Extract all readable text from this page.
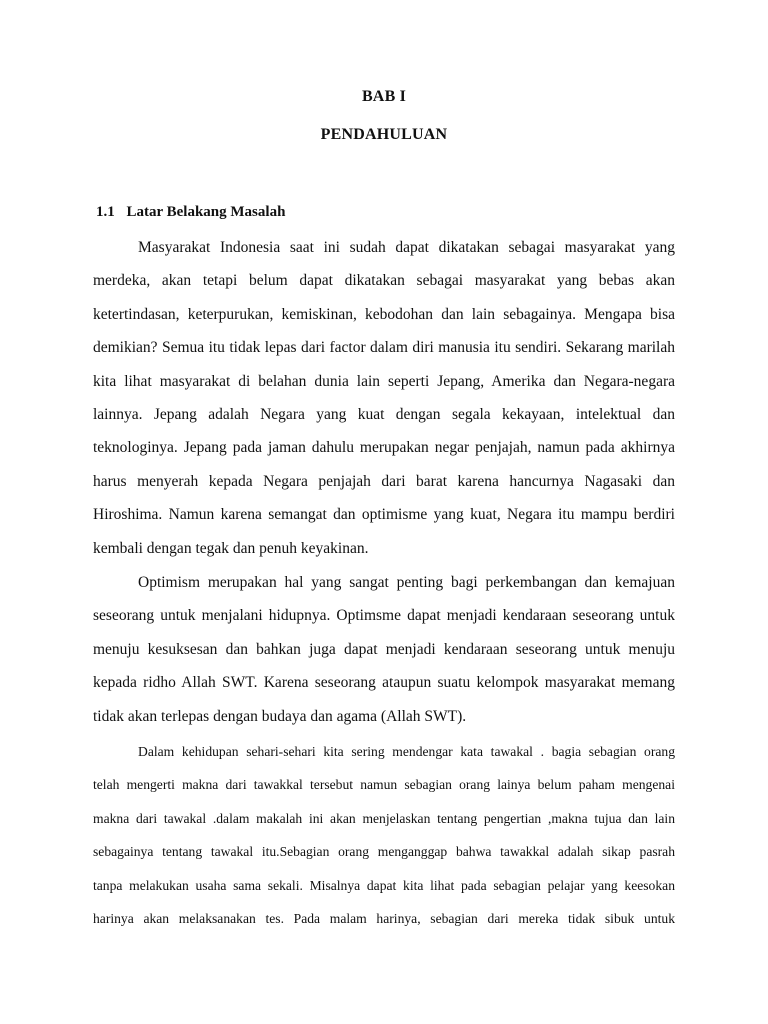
BAB I
PENDAHULUAN
1.1 Latar Belakang Masalah

Masyarakat Indonesia saat ini sudah dapat dikatakan sebagai masyarakat yang
merdeka, akan tetapi belum dapat dikatakan sebagai masyarakat yang bebas akan
ketertindasan, keterpurukan, kemiskinan, kebodohan dan lain sebagainya. Mengapa bisa
demikian? Semua itu tidak lepas dari factor dalam diri manusia itu sendiri. Sekarang marilah
kita lihat masyarakat di belahan dunia lain seperti Jepang, Amerika dan Negara-negara
lainnya. Jepang adalah Negara yang kuat dengan segala kekayaan, intelektual dan
teknologinya. Jepang pada jaman dahulu merupakan negar penjajah, namun pada akhirnya
harus menyerah kepada Negara penjajah dari barat karena hancurnya Nagasaki dan
Hiroshima. Namun karena semangat dan optimisme yang kuat, Negara itu mampu berdiri
kembali dengan tegak dan penuh keyakinan.

Optimism merupakan hal yang sangat penting bagi perkembangan dan kemajuan
seseorang untuk menjalani hidupnya. Optimsme dapat menjadi kendaraan seseorang untuk
menuju kesuksesan dan bahkan juga dapat menjadi kendaraan seseorang untuk menuju
kepada ridho Allah SWT. Karena seseorang ataupun suatu kelompok masyarakat memang
tidak akan terlepas dengan budaya dan agama (Allah SWT).

Dalam kehidupan sehari-sehari kita sering mendengar kata tawakal . bagia sebagian orang
telah mengerti makna dari tawakkal tersebut namun sebagian orang lainya belum paham mengenai
makna dari tawakal .dalam makalah ini akan menjelaskan tentang pengertian ,makna tujua dan lain
sebagainya tentang tawakal itu.Sebagian orang menganggap bahwa tawakkal adalah sikap pasrah
tanpa melakukan usaha sama sekali. Misalnya dapat kita lihat pada sebagian pelajar yang keesokan
harinya akan melaksanakan tes. Pada malam harinya, sebagian dari mereka tidak sibuk untuk
